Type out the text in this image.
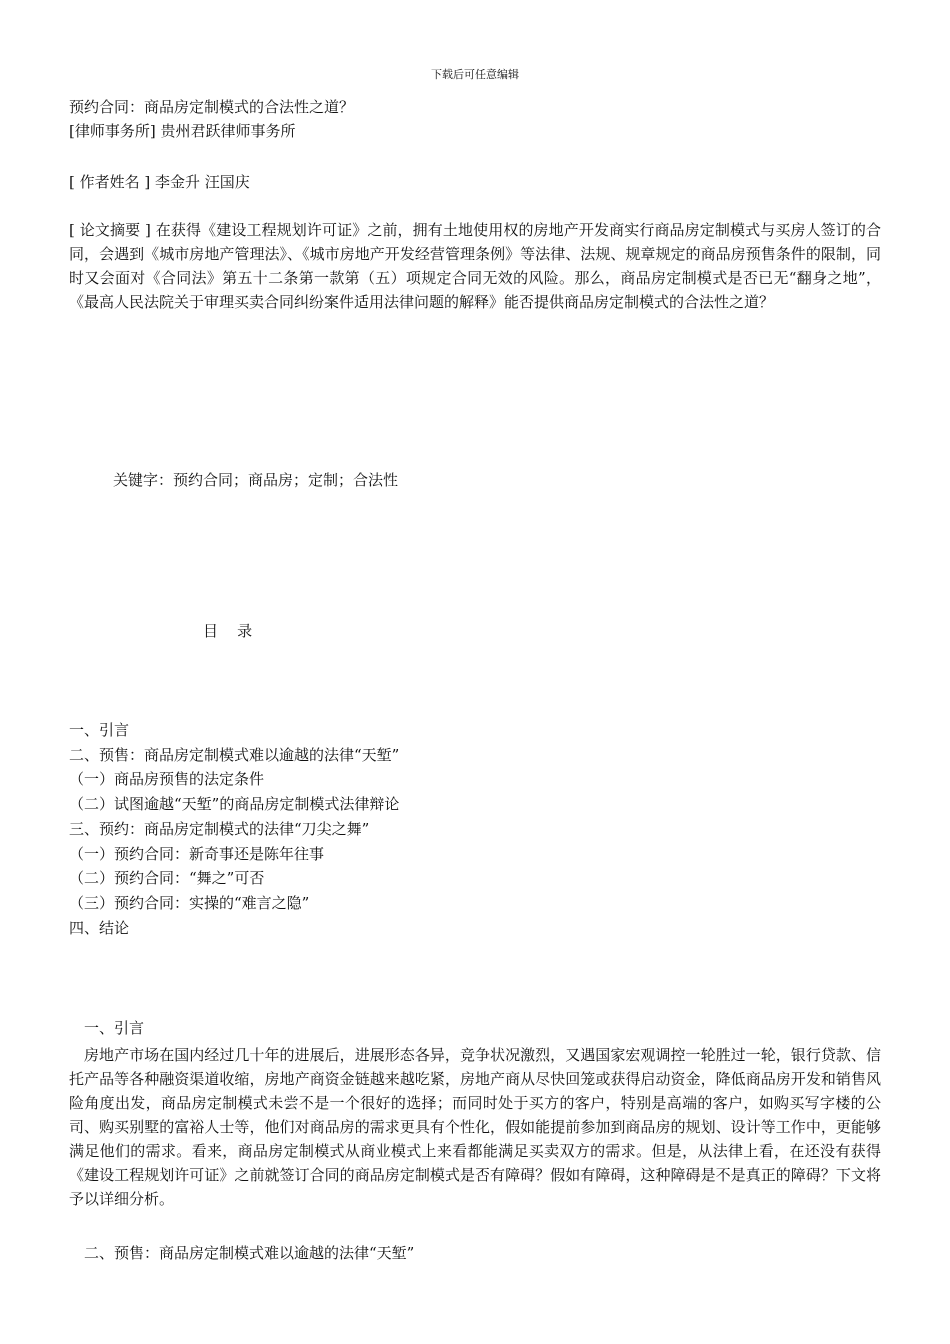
下载后可任意编辑

预约合同：商品房定制模式的合法性之道？

[律师事务所] 贵州君跃律师事务所

[ 作者姓名 ] 李金升 汪国庆

[ 论文摘要 ] 在获得《建设工程规划许可证》之前，拥有土地使用权的房地产开发商实行商品房定制模式与买房人签订的合同，会遇到《城市房地产管理法》、《城市房地产开发经营管理条例》等法律、法规、规章规定的商品房预售条件的限制，同时又会面对《合同法》第五十二条第一款第（五）项规定合同无效的风险。那么，商品房定制模式是否已无“翻身之地”，《最高人民法院关于审理买卖合同纠纷案件适用法律问题的解释》能否提供商品房定制模式的合法性之道？

关键字：预约合同；商品房；定制；合法性

目    录

一、引言

二、预售：商品房定制模式难以逾越的法律“天堑”

（一）商品房预售的法定条件

（二）试图逾越“天堑”的商品房定制模式法律辩论

三、预约：商品房定制模式的法律“刀尖之舞”

（一）预约合同：新奇事还是陈年往事

（二）预约合同：“舞之”可否

（三）预约合同：实操的“难言之隐”

四、结论

一、引言

房地产市场在国内经过几十年的进展后，进展形态各异，竞争状况激烈，又遇国家宏观调控一轮胜过一轮，银行贷款、信托产品等各种融资渠道收缩，房地产商资金链越来越吃紧，房地产商从尽快回笼或获得启动资金，降低商品房开发和销售风险角度出发，商品房定制模式未尝不是一个很好的选择；而同时处于买方的客户，特别是高端的客户，如购买写字楼的公司、购买别墅的富裕人士等，他们对商品房的需求更具有个性化，假如能提前参加到商品房的规划、设计等工作中，更能够满足他们的需求。看来，商品房定制模式从商业模式上来看都能满足买卖双方的需求。但是，从法律上看，在还没有获得《建设工程规划许可证》之前就签订合同的商品房定制模式是否有障碍？假如有障碍，这种障碍是不是真正的障碍？下文将予以详细分析。

二、预售：商品房定制模式难以逾越的法律“天堑”
